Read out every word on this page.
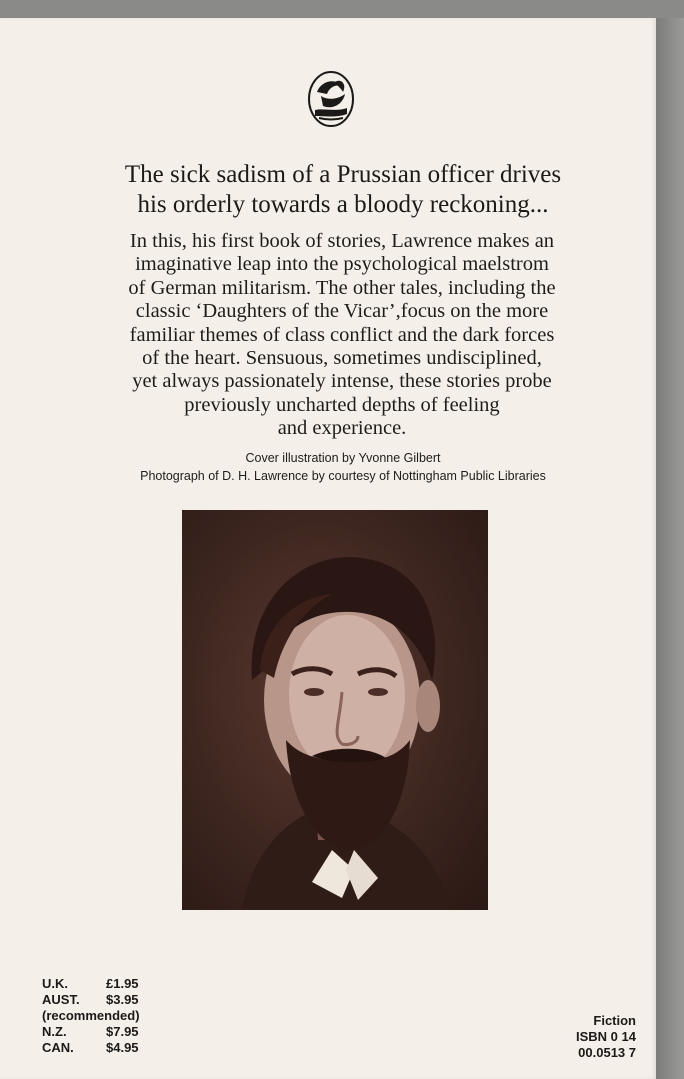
The sick sadism of a Prussian officer drives
his orderly towards a bloody reckoning...
In this, his first book of stories, Lawrence makes an
imaginative leap into the psychological maelstrom
of German militarism. The other tales, including the
classic ‘Daughters of the Vicar’,focus on the more
familiar themes of class conflict and the dark forces
of the heart. Sensuous, sometimes undisciplined,
yet always passionately intense, these stories probe
previously uncharted depths of feeling
and experience.
Cover illustration by Yvonne Gilbert
Photograph of D. H. Lawrence by courtesy of Nottingham Public Libraries
U.K.	£1.95
AUST.	$3.95
(recommended)
N.Z.	$7.95
CAN.	$4.95
Fiction
ISBN 0 14
00.0513 7
